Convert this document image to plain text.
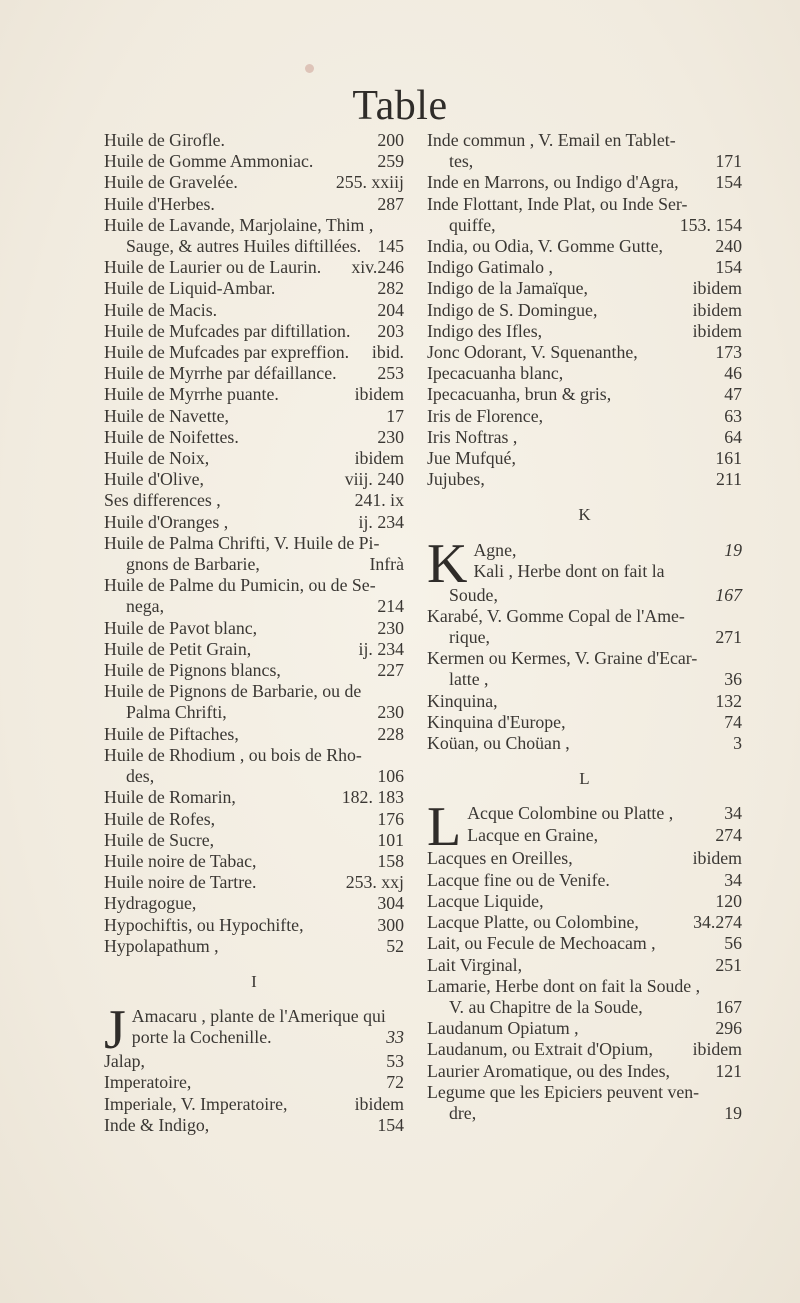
Table
Huile de Girofle.	200
Huile de Gomme Ammoniac.	259
Huile de Gravelée.	255. xxiij
Huile d'Herbes.	287
Huile de Lavande, Marjolaine, Thim ,
Sauge, & autres Huiles diftillées. 145
Huile de Laurier ou de Laurin.	xiv.246
Huile de Liquid-Ambar.	282
Huile de Macis.	204
Huile de Mufcades par diftillation.	203
Huile de Mufcades par expreffion.	ibid.
Huile de Myrrhe par défaillance.	253
Huile de Myrrhe puante.	ibidem
Huile de Navette,	17
Huile de Noifettes.	230
Huile de Noix,	ibidem
Huile d'Olive,	viij. 240
Ses differences ,	241. ix
Huile d'Oranges ,	ij. 234
Huile de Palma Chrifti, V. Huile de Pi-
gnons de Barbarie,	Infrà
Huile de Palme du Pumicin, ou de Se-
nega,	214
Huile de Pavot blanc,	230
Huile de Petit Grain,	ij. 234
Huile de Pignons blancs,	227
Huile de Pignons de Barbarie, ou de
Palma Chrifti,	230
Huile de Piftaches,	228
Huile de Rhodium , ou bois de Rho-
des,	106
Huile de Romarin,	182. 183
Huile de Rofes,	176
Huile de Sucre,	101
Huile noire de Tabac,	158
Huile noire de Tartre.	253. xxj
Hydragogue,	304
Hypochiftis, ou Hypochifte,	300
Hypolapathum ,	52
I
J Amacaru , plante de l'Amerique qui
porte la Cochenille.	33
Jalap,	53
Imperatoire,	72
Imperiale, V. Imperatoire,	ibidem
Inde & Indigo,	154
Inde commun , V. Email en Tablet-
tes,	171
Inde en Marrons, ou Indigo d'Agra,	154
Inde Flottant, Inde Plat, ou Inde Ser-
quiffe,	153. 154
India, ou Odia, V. Gomme Gutte,	240
Indigo Gatimalo ,	154
Indigo de la Jamaïque,	ibidem
Indigo de S. Domingue,	ibidem
Indigo des Ifles,	ibidem
Jonc Odorant, V. Squenanthe,	173
Ipecacuanha blanc,	46
Ipecacuanha, brun & gris,	47
Iris de Florence,	63
Iris Noftras ,	64
Jue Mufqué,	161
Jujubes,	211
K
K Agne,	19
Kali , Herbe dont on fait la
Soude,	167
Karabé, V. Gomme Copal de l'Ame-
rique,	271
Kermen ou Kermes, V. Graine d'Ecar-
latte ,	36
Kinquina,	132
Kinquina d'Europe,	74
Koüan, ou Choüan ,	3
L
L Acque Colombine ou Platte ,	34
Lacque en Graine,	274
Lacques en Oreilles,	ibidem
Lacque fine ou de Venife.	34
Lacque Liquide,	120
Lacque Platte, ou Colombine,	34.274
Lait, ou Fecule de Mechoacam ,	56
Lait Virginal,	251
Lamarie, Herbe dont on fait la Soude ,
V. au Chapitre de la Soude,	167
Laudanum Opiatum ,	296
Laudanum, ou Extrait d'Opium,	ibidem
Laurier Aromatique, ou des Indes,	121
Legume que les Epiciers peuvent ven-
dre,	19
